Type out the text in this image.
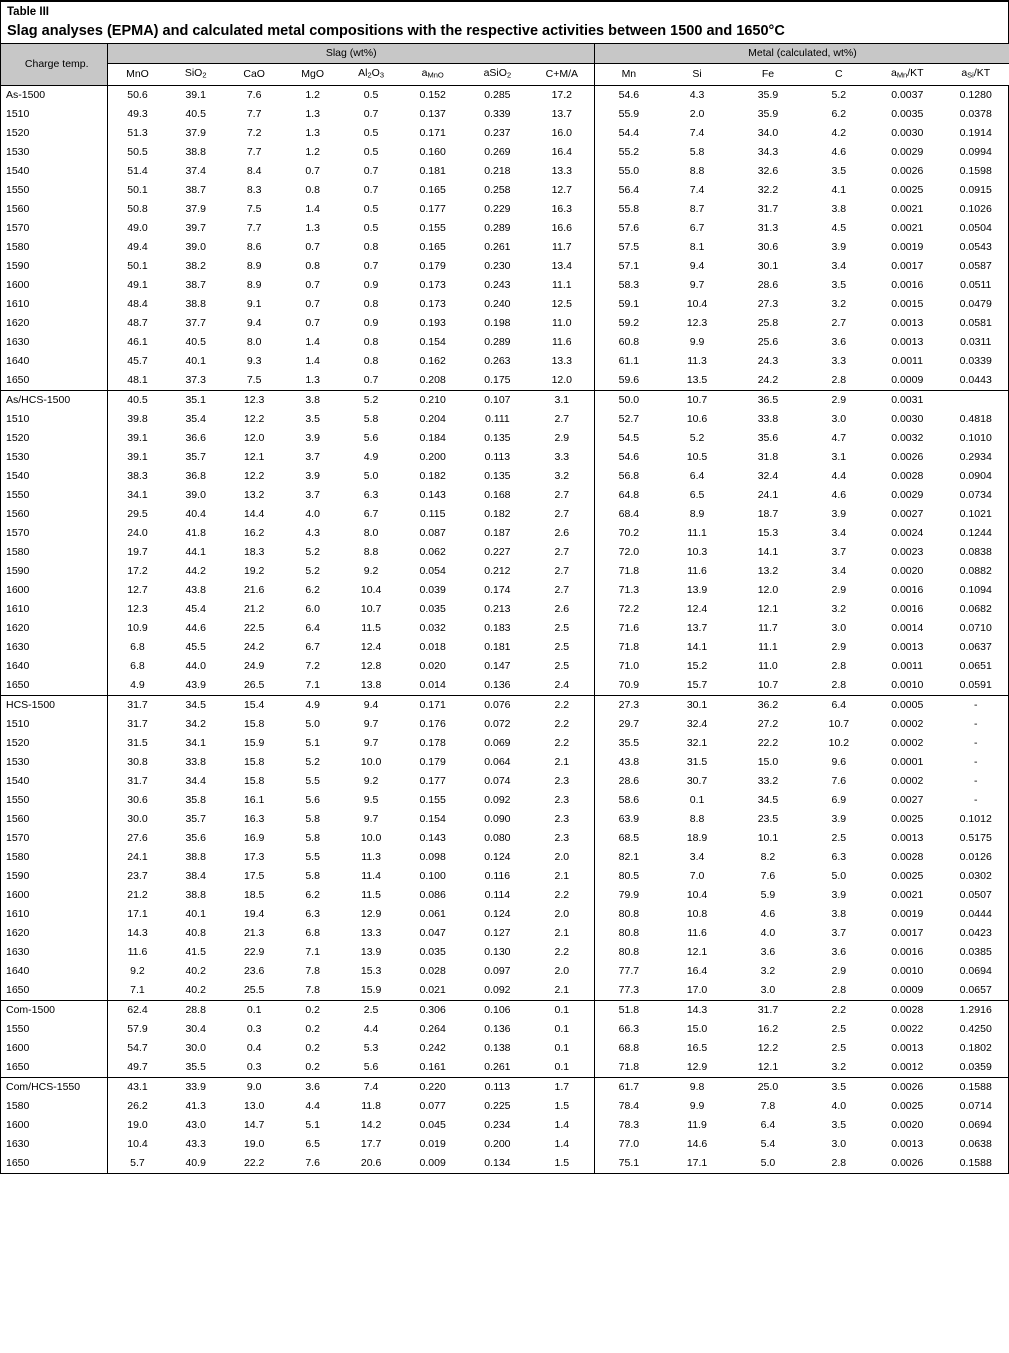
Table III
Slag analyses (EPMA) and calculated metal compositions with the respective activities between 1500 and 1650°C
Charge temp.	Slag (wt%)								Metal (calculated, wt%)					
	MnO	SiO$_2$	CaO	MgO	$Al_2O_3$	$a_{MnO}$	aSiO$_2$	C+M/A	Mn	Si	Fe	C	$a_{Mn}/KT$	$a_{Si}/KT$
As-1500	50.6	39.1	7.6	1.2	0.5	0.152	0.285	17.2	54.6	4.3	35.9	5.2	0.0037	0.1280
1510	49.3	40.5	7.7	1.3	0.7	0.137	0.339	13.7	55.9	2.0	35.9	6.2	0.0035	0.0378
1520	51.3	37.9	7.2	1.3	0.5	0.171	0.237	16.0	54.4	7.4	34.0	4.2	0.0030	0.1914
1530	50.5	38.8	7.7	1.2	0.5	0.160	0.269	16.4	55.2	5.8	34.3	4.6	0.0029	0.0994
1540	51.4	37.4	8.4	0.7	0.7	0.181	0.218	13.3	55.0	8.8	32.6	3.5	0.0026	0.1598
1550	50.1	38.7	8.3	0.8	0.7	0.165	0.258	12.7	56.4	7.4	32.2	4.1	0.0025	0.0915
1560	50.8	37.9	7.5	1.4	0.5	0.177	0.229	16.3	55.8	8.7	31.7	3.8	0.0021	0.1026
1570	49.0	39.7	7.7	1.3	0.5	0.155	0.289	16.6	57.6	6.7	31.3	4.5	0.0021	0.0504
1580	49.4	39.0	8.6	0.7	0.8	0.165	0.261	11.7	57.5	8.1	30.6	3.9	0.0019	0.0543
1590	50.1	38.2	8.9	0.8	0.7	0.179	0.230	13.4	57.1	9.4	30.1	3.4	0.0017	0.0587
1600	49.1	38.7	8.9	0.7	0.9	0.173	0.243	11.1	58.3	9.7	28.6	3.5	0.0016	0.0511
1610	48.4	38.8	9.1	0.7	0.8	0.173	0.240	12.5	59.1	10.4	27.3	3.2	0.0015	0.0479
1620	48.7	37.7	9.4	0.7	0.9	0.193	0.198	11.0	59.2	12.3	25.8	2.7	0.0013	0.0581
1630	46.1	40.5	8.0	1.4	0.8	0.154	0.289	11.6	60.8	9.9	25.6	3.6	0.0013	0.0311
1640	45.7	40.1	9.3	1.4	0.8	0.162	0.263	13.3	61.1	11.3	24.3	3.3	0.0011	0.0339
1650	48.1	37.3	7.5	1.3	0.7	0.208	0.175	12.0	59.6	13.5	24.2	2.8	0.0009	0.0443
As/HCS-1500	40.5	35.1	12.3	3.8	5.2	0.210	0.107	3.1	50.0	10.7	36.5	2.9	0.0031	
1510	39.8	35.4	12.2	3.5	5.8	0.204	0.111	2.7	52.7	10.6	33.8	3.0	0.0030	0.4818
1520	39.1	36.6	12.0	3.9	5.6	0.184	0.135	2.9	54.5	5.2	35.6	4.7	0.0032	0.1010
1530	39.1	35.7	12.1	3.7	4.9	0.200	0.113	3.3	54.6	10.5	31.8	3.1	0.0026	0.2934
1540	38.3	36.8	12.2	3.9	5.0	0.182	0.135	3.2	56.8	6.4	32.4	4.4	0.0028	0.0904
1550	34.1	39.0	13.2	3.7	6.3	0.143	0.168	2.7	64.8	6.5	24.1	4.6	0.0029	0.0734
1560	29.5	40.4	14.4	4.0	6.7	0.115	0.182	2.7	68.4	8.9	18.7	3.9	0.0027	0.1021
1570	24.0	41.8	16.2	4.3	8.0	0.087	0.187	2.6	70.2	11.1	15.3	3.4	0.0024	0.1244
1580	19.7	44.1	18.3	5.2	8.8	0.062	0.227	2.7	72.0	10.3	14.1	3.7	0.0023	0.0838
1590	17.2	44.2	19.2	5.2	9.2	0.054	0.212	2.7	71.8	11.6	13.2	3.4	0.0020	0.0882
1600	12.7	43.8	21.6	6.2	10.4	0.039	0.174	2.7	71.3	13.9	12.0	2.9	0.0016	0.1094
1610	12.3	45.4	21.2	6.0	10.7	0.035	0.213	2.6	72.2	12.4	12.1	3.2	0.0016	0.0682
1620	10.9	44.6	22.5	6.4	11.5	0.032	0.183	2.5	71.6	13.7	11.7	3.0	0.0014	0.0710
1630	6.8	45.5	24.2	6.7	12.4	0.018	0.181	2.5	71.8	14.1	11.1	2.9	0.0013	0.0637
1640	6.8	44.0	24.9	7.2	12.8	0.020	0.147	2.5	71.0	15.2	11.0	2.8	0.0011	0.0651
1650	4.9	43.9	26.5	7.1	13.8	0.014	0.136	2.4	70.9	15.7	10.7	2.8	0.0010	0.0591
HCS-1500	31.7	34.5	15.4	4.9	9.4	0.171	0.076	2.2	27.3	30.1	36.2	6.4	0.0005	-
1510	31.7	34.2	15.8	5.0	9.7	0.176	0.072	2.2	29.7	32.4	27.2	10.7	0.0002	-
1520	31.5	34.1	15.9	5.1	9.7	0.178	0.069	2.2	35.5	32.1	22.2	10.2	0.0002	-
1530	30.8	33.8	15.8	5.2	10.0	0.179	0.064	2.1	43.8	31.5	15.0	9.6	0.0001	-
1540	31.7	34.4	15.8	5.5	9.2	0.177	0.074	2.3	28.6	30.7	33.2	7.6	0.0002	-
1550	30.6	35.8	16.1	5.6	9.5	0.155	0.092	2.3	58.6	0.1	34.5	6.9	0.0027	-
1560	30.0	35.7	16.3	5.8	9.7	0.154	0.090	2.3	63.9	8.8	23.5	3.9	0.0025	0.1012
1570	27.6	35.6	16.9	5.8	10.0	0.143	0.080	2.3	68.5	18.9	10.1	2.5	0.0013	0.5175
1580	24.1	38.8	17.3	5.5	11.3	0.098	0.124	2.0	82.1	3.4	8.2	6.3	0.0028	0.0126
1590	23.7	38.4	17.5	5.8	11.4	0.100	0.116	2.1	80.5	7.0	7.6	5.0	0.0025	0.0302
1600	21.2	38.8	18.5	6.2	11.5	0.086	0.114	2.2	79.9	10.4	5.9	3.9	0.0021	0.0507
1610	17.1	40.1	19.4	6.3	12.9	0.061	0.124	2.0	80.8	10.8	4.6	3.8	0.0019	0.0444
1620	14.3	40.8	21.3	6.8	13.3	0.047	0.127	2.1	80.8	11.6	4.0	3.7	0.0017	0.0423
1630	11.6	41.5	22.9	7.1	13.9	0.035	0.130	2.2	80.8	12.1	3.6	3.6	0.0016	0.0385
1640	9.2	40.2	23.6	7.8	15.3	0.028	0.097	2.0	77.7	16.4	3.2	2.9	0.0010	0.0694
1650	7.1	40.2	25.5	7.8	15.9	0.021	0.092	2.1	77.3	17.0	3.0	2.8	0.0009	0.0657
Com-1500	62.4	28.8	0.1	0.2	2.5	0.306	0.106	0.1	51.8	14.3	31.7	2.2	0.0028	1.2916
1550	57.9	30.4	0.3	0.2	4.4	0.264	0.136	0.1	66.3	15.0	16.2	2.5	0.0022	0.4250
1600	54.7	30.0	0.4	0.2	5.3	0.242	0.138	0.1	68.8	16.5	12.2	2.5	0.0013	0.1802
1650	49.7	35.5	0.3	0.2	5.6	0.161	0.261	0.1	71.8	12.9	12.1	3.2	0.0012	0.0359
Com/HCS-1550	43.1	33.9	9.0	3.6	7.4	0.220	0.113	1.7	61.7	9.8	25.0	3.5	0.0026	0.1588
1580	26.2	41.3	13.0	4.4	11.8	0.077	0.225	1.5	78.4	9.9	7.8	4.0	0.0025	0.0714
1600	19.0	43.0	14.7	5.1	14.2	0.045	0.234	1.4	78.3	11.9	6.4	3.5	0.0020	0.0694
1630	10.4	43.3	19.0	6.5	17.7	0.019	0.200	1.4	77.0	14.6	5.4	3.0	0.0013	0.0638
1650	5.7	40.9	22.2	7.6	20.6	0.009	0.134	1.5	75.1	17.1	5.0	2.8	0.0026	0.1588
